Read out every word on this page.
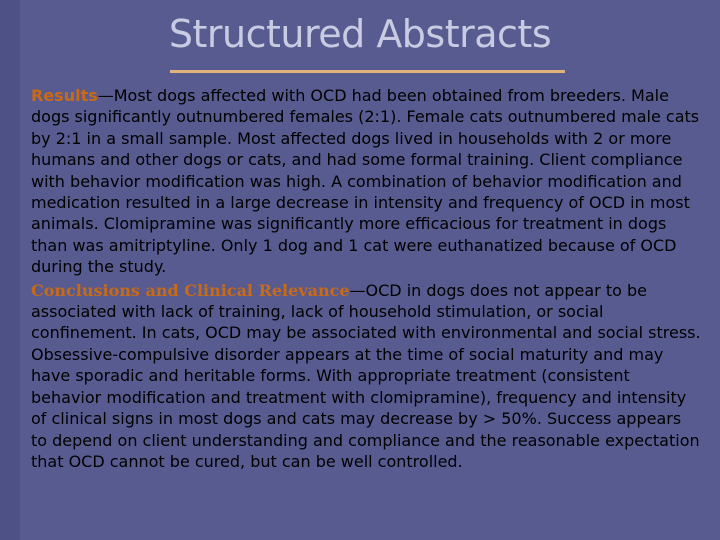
Structured Abstracts

Results—Most dogs affected with OCD had been obtained from breeders. Male dogs significantly outnumbered females (2:1). Female cats outnumbered male cats by 2:1 in a small sample. Most affected dogs lived in households with 2 or more humans and other dogs or cats, and had some formal training. Client compliance with behavior modification was high. A combination of behavior modification and medication resulted in a large decrease in intensity and frequency of OCD in most animals. Clomipramine was significantly more efficacious for treatment in dogs than was amitriptyline. Only 1 dog and 1 cat were euthanatized because of OCD during the study.

Conclusions and Clinical Relevance—OCD in dogs does not appear to be associated with lack of training, lack of household stimulation, or social confinement. In cats, OCD may be associated with environmental and social stress. Obsessive-compulsive disorder appears at the time of social maturity and may have sporadic and heritable forms. With appropriate treatment (consistent behavior modification and treatment with clomipramine), frequency and intensity of clinical signs in most dogs and cats may decrease by > 50%. Success appears to depend on client understanding and compliance and the reasonable expectation that OCD cannot be cured, but can be well controlled.
